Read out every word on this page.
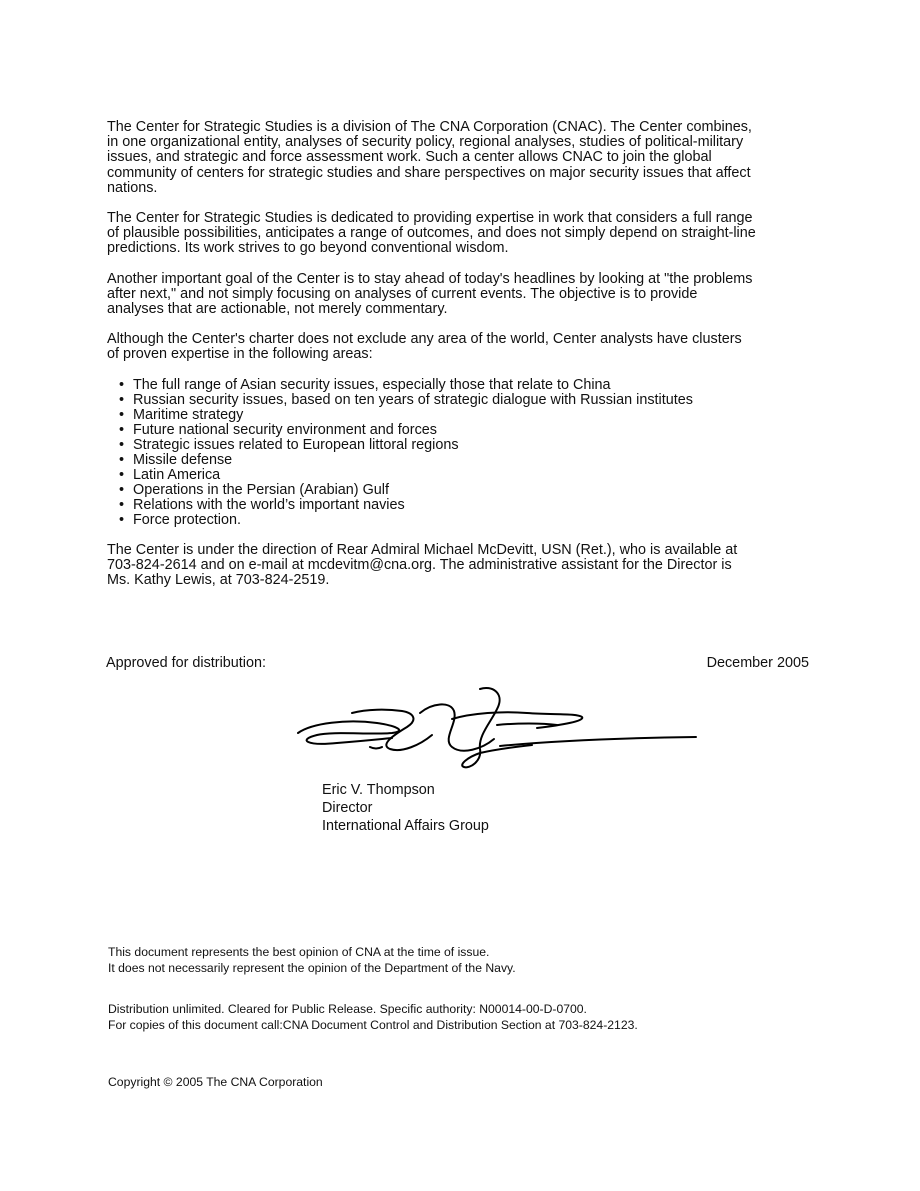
The Center for Strategic Studies is a division of The CNA Corporation (CNAC). The Center combines, in one organizational entity, analyses of security policy, regional analyses, studies of political-military issues, and strategic and force assessment work. Such a center allows CNAC to join the global community of centers for strategic studies and share perspectives on major security issues that affect nations.

The Center for Strategic Studies is dedicated to providing expertise in work that considers a full range of plausible possibilities, anticipates a range of outcomes, and does not simply depend on straight-line predictions. Its work strives to go beyond conventional wisdom.

Another important goal of the Center is to stay ahead of today's headlines by looking at "the problems after next," and not simply focusing on analyses of current events. The objective is to provide analyses that are actionable, not merely commentary.

Although the Center's charter does not exclude any area of the world, Center analysts have clusters of proven expertise in the following areas:

• The full range of Asian security issues, especially those that relate to China
• Russian security issues, based on ten years of strategic dialogue with Russian institutes
• Maritime strategy
• Future national security environment and forces
• Strategic issues related to European littoral regions
• Missile defense
• Latin America
• Operations in the Persian (Arabian) Gulf
• Relations with the world’s important navies
• Force protection.

The Center is under the direction of Rear Admiral Michael McDevitt, USN (Ret.), who is available at 703-824-2614 and on e-mail at mcdevitm@cna.org. The administrative assistant for the Director is Ms. Kathy Lewis, at 703-824-2519.

Approved for distribution:	December 2005
Eric V. Thompson
Director
International Affairs Group
This document represents the best opinion of CNA at the time of issue.
It does not necessarily represent the opinion of the Department of the Navy.
Distribution unlimited. Cleared for Public Release. Specific authority: N00014-00-D-0700.
For copies of this document call:CNA Document Control and Distribution Section at 703-824-2123.
Copyright © 2005 The CNA Corporation
